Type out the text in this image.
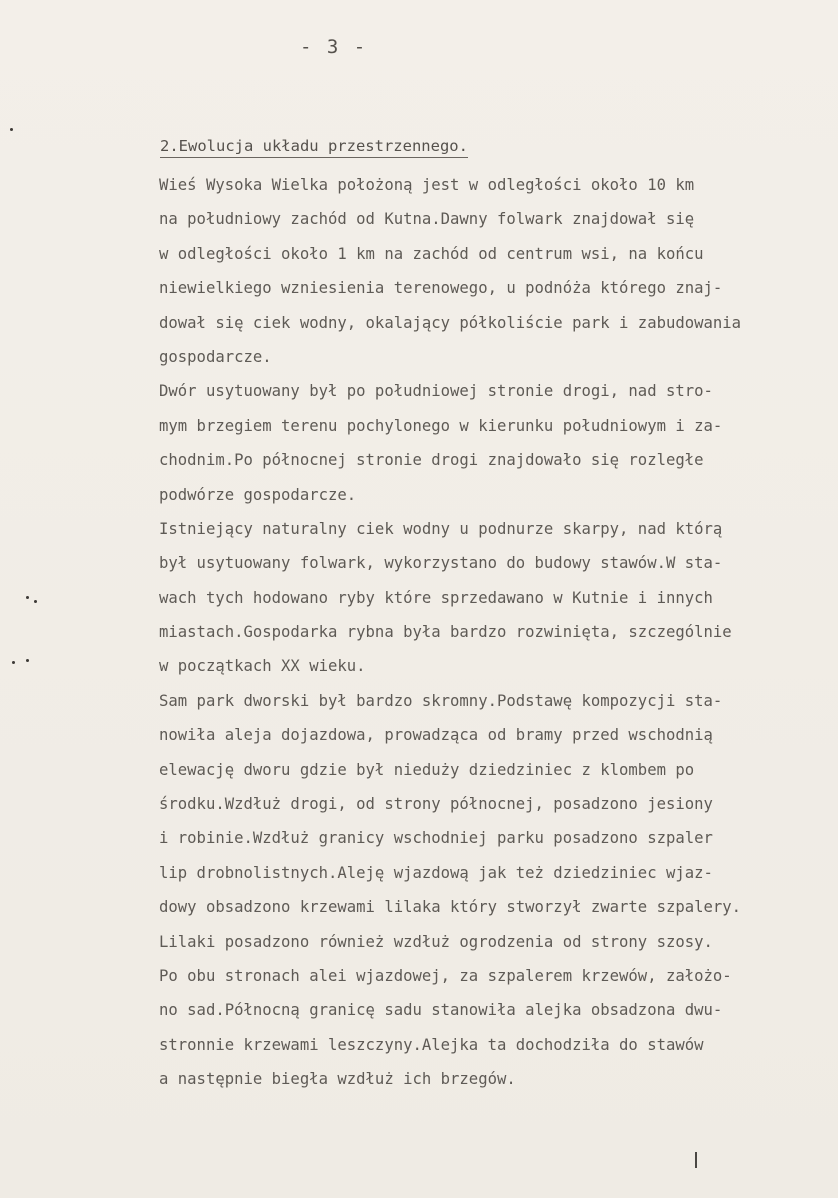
- 3 -
2.Ewolucja układu przestrzennego.
Wieś Wysoka Wielka położoną jest w odległości około 10 km
na południowy zachód od Kutna.Dawny folwark znajdował się
w odległości około 1 km na zachód od centrum wsi, na końcu
niewielkiego wzniesienia terenowego, u podnóża którego znaj-
dował się ciek wodny, okalający półkoliście park i zabudowania
gospodarcze.
Dwór usytuowany był po południowej stronie drogi, nad stro-
mym brzegiem terenu pochylonego w kierunku południowym i za-
chodnim.Po północnej stronie drogi znajdowało się rozległe
podwórze gospodarcze.
Istniejący naturalny ciek wodny u podnurze skarpy, nad którą
był usytuowany folwark, wykorzystano do budowy stawów.W sta-
wach tych hodowano ryby które sprzedawano w Kutnie i innych
miastach.Gospodarka rybna była bardzo rozwinięta, szczególnie
w początkach XX wieku.
Sam park dworski był bardzo skromny.Podstawę kompozycji sta-
nowiła aleja dojazdowa, prowadząca od bramy przed wschodnią
elewację dworu gdzie był nieduży dziedziniec z klombem po
środku.Wzdłuż drogi, od strony północnej, posadzono jesiony
i robinie.Wzdłuż granicy wschodniej parku posadzono szpaler
lip drobnolistnych.Aleję wjazdową jak też dziedziniec wjaz-
dowy obsadzono krzewami lilaka który stworzył zwarte szpalery.
Lilaki posadzono również wzdłuż ogrodzenia od strony szosy.
Po obu stronach alei wjazdowej, za szpalerem krzewów, założo-
no sad.Północną granicę sadu stanowiła alejka obsadzona dwu-
stronnie krzewami leszczyny.Alejka ta dochodziła do stawów
a następnie biegła wzdłuż ich brzegów.
